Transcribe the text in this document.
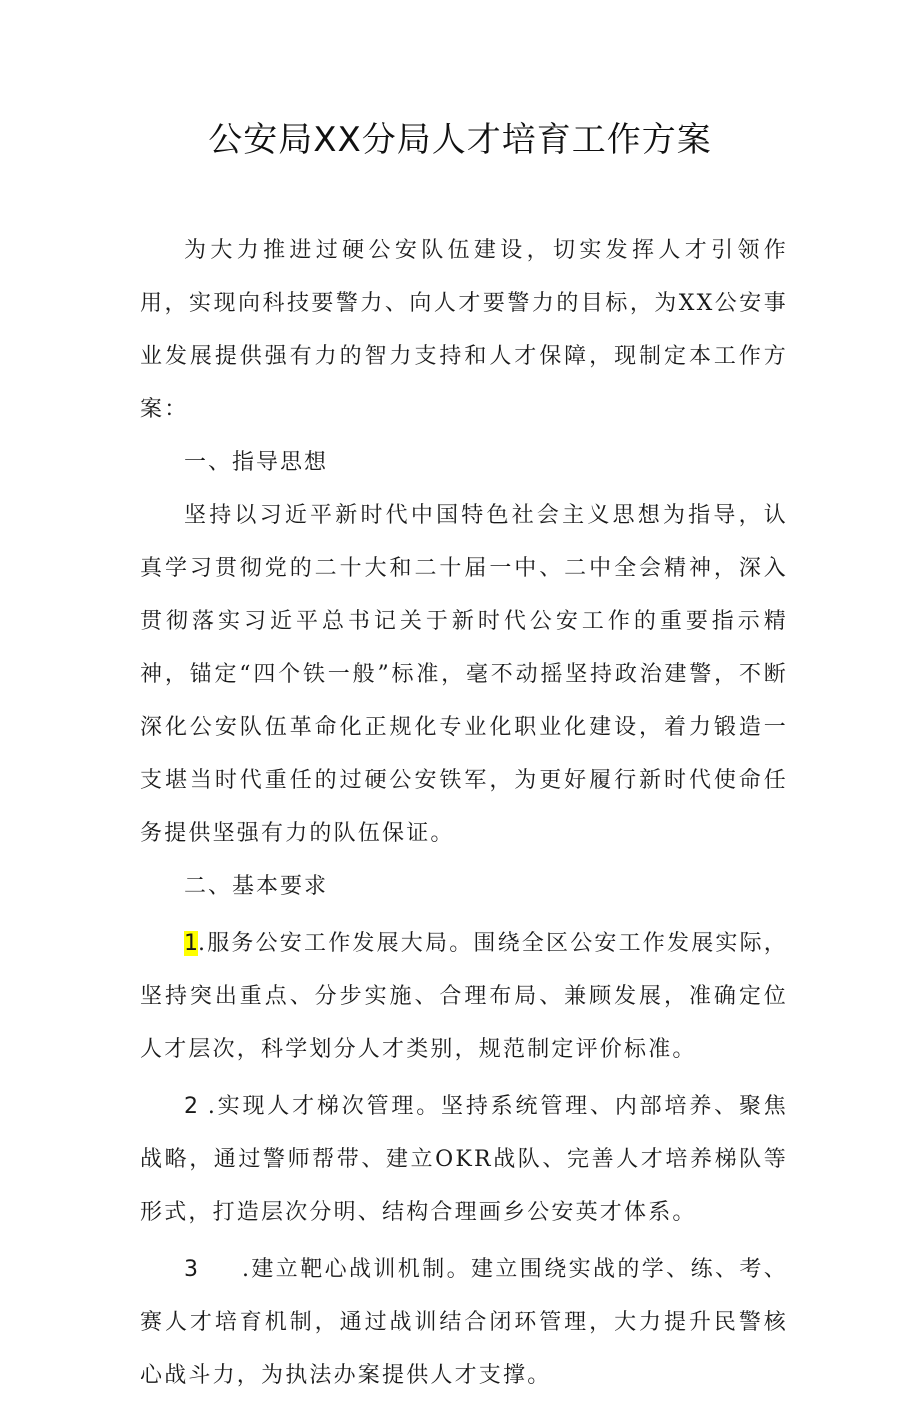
公安局XX分局人才培育工作方案

为大力推进过硬公安队伍建设，切实发挥人才引领作用，实现向科技要警力、向人才要警力的目标，为XX公安事业发展提供强有力的智力支持和人才保障，现制定本工作方案：

一、指导思想

坚持以习近平新时代中国特色社会主义思想为指导，认真学习贯彻党的二十大和二十届一中、二中全会精神，深入贯彻落实习近平总书记关于新时代公安工作的重要指示精神，锚定“四个铁一般”标准，毫不动摇坚持政治建警，不断深化公安队伍革命化正规化专业化职业化建设，着力锻造一支堪当时代重任的过硬公安铁军，为更好履行新时代使命任务提供坚强有力的队伍保证。

二、基本要求

1.服务公安工作发展大局。围绕全区公安工作发展实际，坚持突出重点、分步实施、合理布局、兼顾发展，准确定位人才层次，科学划分人才类别，规范制定评价标准。

2 .实现人才梯次管理。坚持系统管理、内部培养、聚焦战略，通过警师帮带、建立OKR战队、完善人才培养梯队等形式，打造层次分明、结构合理画乡公安英才体系。

3 .建立靶心战训机制。建立围绕实战的学、练、考、赛人才培育机制，通过战训结合闭环管理，大力提升民警核心战斗力，为执法办案提供人才支撑。
